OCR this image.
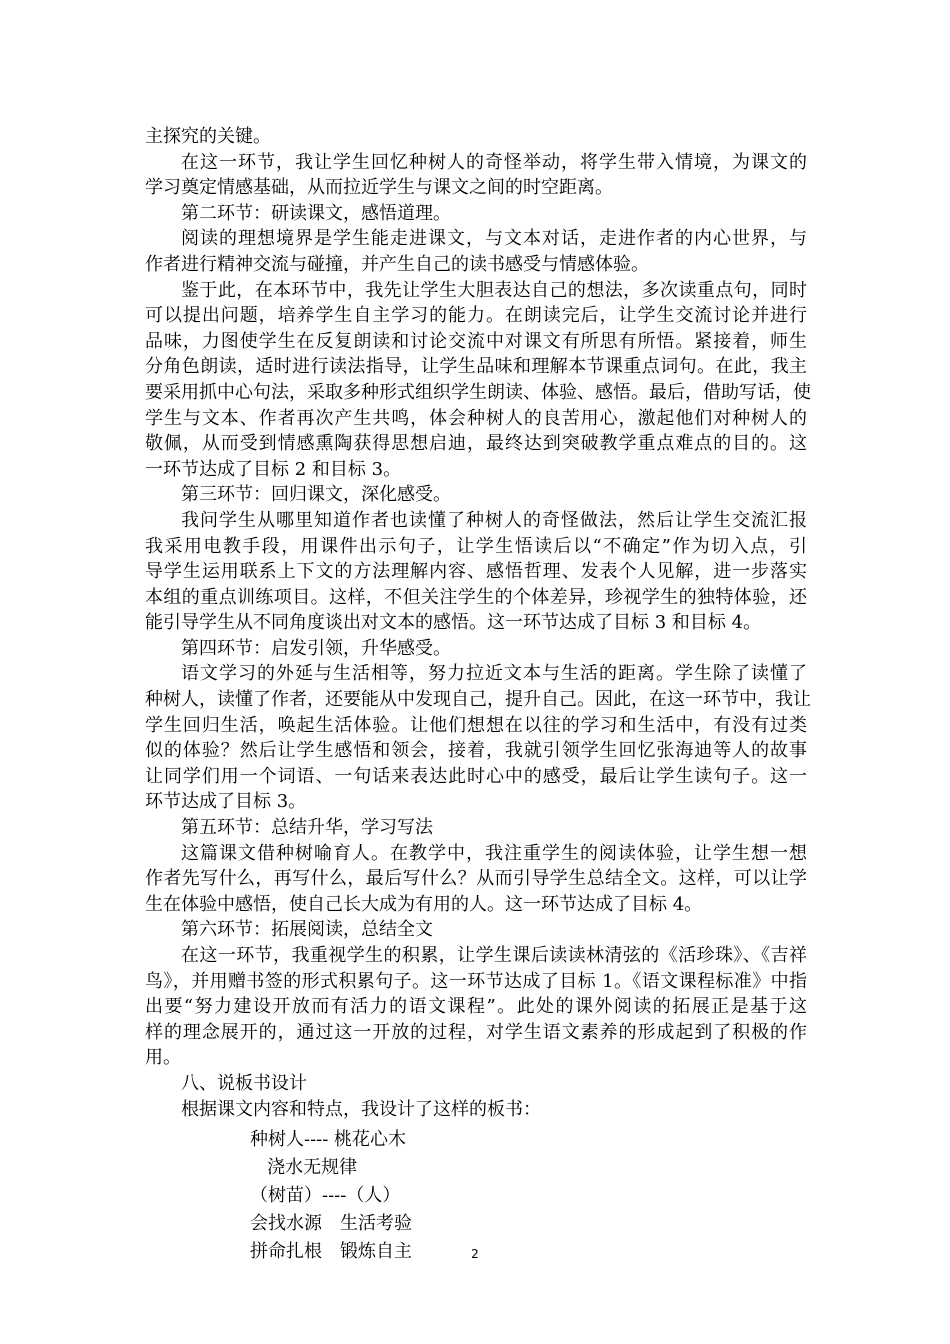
主探究的关键。
在这一环节，我让学生回忆种树人的奇怪举动，将学生带入情境，为课文的
学习奠定情感基础，从而拉近学生与课文之间的时空距离。
第二环节：研读课文，感悟道理。
阅读的理想境界是学生能走进课文，与文本对话，走进作者的内心世界，与
作者进行精神交流与碰撞，并产生自己的读书感受与情感体验。
鉴于此，在本环节中，我先让学生大胆表达自己的想法，多次读重点句，同时
可以提出问题，培养学生自主学习的能力。在朗读完后，让学生交流讨论并进行
品味，力图使学生在反复朗读和讨论交流中对课文有所思有所悟。紧接着，师生
分角色朗读，适时进行读法指导，让学生品味和理解本节课重点词句。在此，我主
要采用抓中心句法，采取多种形式组织学生朗读、体验、感悟。最后，借助写话，使
学生与文本、作者再次产生共鸣，体会种树人的良苦用心，激起他们对种树人的
敬佩，从而受到情感熏陶获得思想启迪，最终达到突破教学重点难点的目的。这
一环节达成了目标 2 和目标 3。
第三环节：回归课文，深化感受。
我问学生从哪里知道作者也读懂了种树人的奇怪做法，然后让学生交流汇报
我采用电教手段，用课件出示句子，让学生悟读后以“不确定”作为切入点，引
导学生运用联系上下文的方法理解内容、感悟哲理、发表个人见解，进一步落实
本组的重点训练项目。这样，不但关注学生的个体差异，珍视学生的独特体验，还
能引导学生从不同角度谈出对文本的感悟。这一环节达成了目标 3 和目标 4。
第四环节：启发引领，升华感受。
语文学习的外延与生活相等，努力拉近文本与生活的距离。学生除了读懂了
种树人，读懂了作者，还要能从中发现自己，提升自己。因此，在这一环节中，我让
学生回归生活，唤起生活体验。让他们想想在以往的学习和生活中，有没有过类
似的体验？然后让学生感悟和领会，接着，我就引领学生回忆张海迪等人的故事
让同学们用一个词语、一句话来表达此时心中的感受，最后让学生读句子。这一
环节达成了目标 3。
第五环节：总结升华，学习写法
这篇课文借种树喻育人。在教学中，我注重学生的阅读体验，让学生想一想
作者先写什么，再写什么，最后写什么？从而引导学生总结全文。这样，可以让学
生在体验中感悟，使自己长大成为有用的人。这一环节达成了目标 4。
第六环节：拓展阅读，总结全文
在这一环节，我重视学生的积累，让学生课后读读林清弦的《活珍珠》、《吉祥
鸟》，并用赠书签的形式积累句子。这一环节达成了目标 1。《语文课程标准》中指
出要“努力建设开放而有活力的语文课程”。此处的课外阅读的拓展正是基于这
样的理念展开的，通过这一开放的过程，对学生语文素养的形成起到了积极的作
用。
八、说板书设计
根据课文内容和特点，我设计了这样的板书：
种树人---- 桃花心木
浇水无规律
（树苗）----（人）
会找水源 生活考验
拼命扎根 锻炼自主	2
